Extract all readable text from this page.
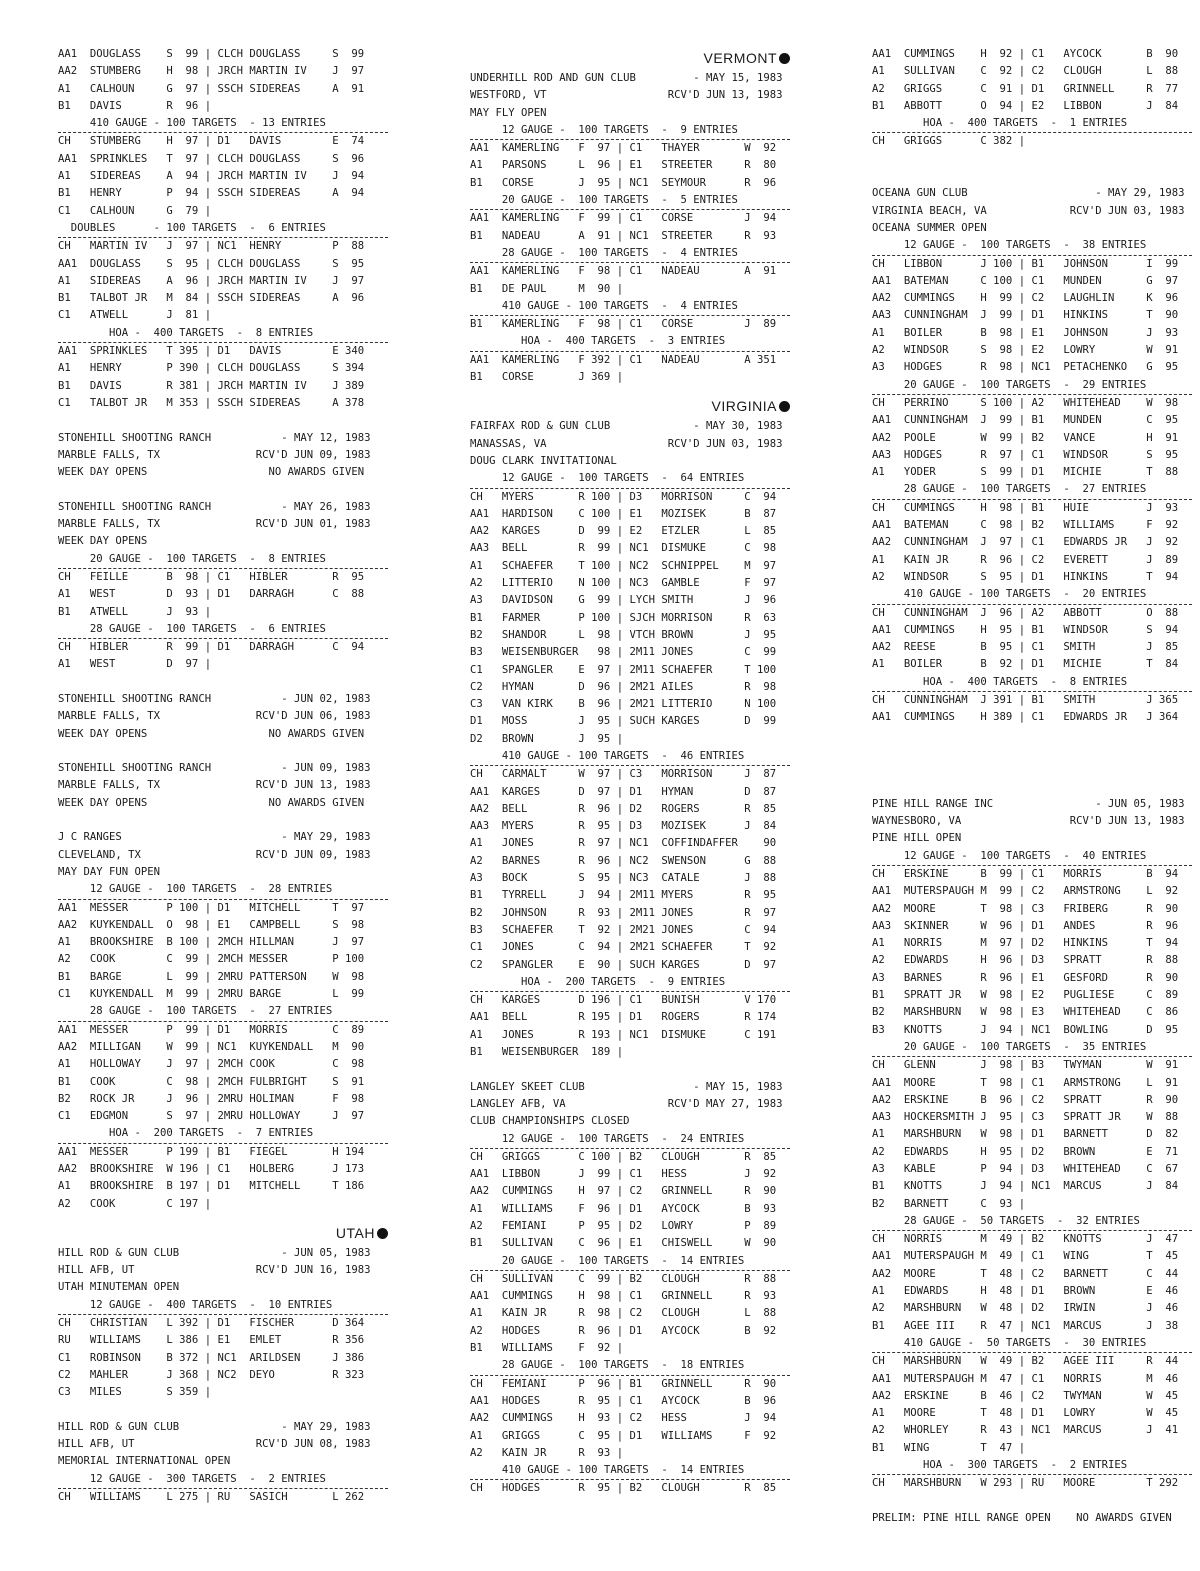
AA1  DOUGLASS    S  99 | CLCH DOUGLASS     S  99
AA2  STUMBERG    H  98 | JRCH MARTIN IV    J  97
A1   CALHOUN     G  97 | SSCH SIDEREAS     A  91
B1   DAVIS       R  96 |
410 GAUGE - 100 TARGETS  - 13 ENTRIES
CH   STUMBERG    H  97 | D1   DAVIS        E  74
AA1  SPRINKLES   T  97 | CLCH DOUGLASS     S  96
A1   SIDEREAS    A  94 | JRCH MARTIN IV    J  94
B1   HENRY       P  94 | SSCH SIDEREAS     A  94
C1   CALHOUN     G  79 |
DOUBLES      - 100 TARGETS  -  6 ENTRIES
CH   MARTIN IV   J  97 | NC1  HENRY        P  88
AA1  DOUGLASS    S  95 | CLCH DOUGLASS     S  95
A1   SIDEREAS    A  96 | JRCH MARTIN IV    J  97
B1   TALBOT JR   M  84 | SSCH SIDEREAS     A  96
C1   ATWELL      J  81 |
HOA -  400 TARGETS  -  8 ENTRIES
AA1  SPRINKLES   T 395 | D1   DAVIS        E 340
A1   HENRY       P 390 | CLCH DOUGLASS     S 394
B1   DAVIS       R 381 | JRCH MARTIN IV    J 389
C1   TALBOT JR   M 353 | SSCH SIDEREAS     A 378
STONEHILL SHOOTING RANCH           - MAY 12, 1983
MARBLE FALLS, TX               RCV'D JUN 09, 1983
WEEK DAY OPENS                   NO AWARDS GIVEN
STONEHILL SHOOTING RANCH           - MAY 26, 1983
MARBLE FALLS, TX               RCV'D JUN 01, 1983
WEEK DAY OPENS
20 GAUGE -  100 TARGETS  -  8 ENTRIES
CH   FEILLE      B  98 | C1   HIBLER       R  95
A1   WEST        D  93 | D1   DARRAGH      C  88
B1   ATWELL      J  93 |
28 GAUGE -  100 TARGETS  -  6 ENTRIES
CH   HIBLER      R  99 | D1   DARRAGH      C  94
A1   WEST        D  97 |
STONEHILL SHOOTING RANCH           - JUN 02, 1983
MARBLE FALLS, TX               RCV'D JUN 06, 1983
WEEK DAY OPENS                   NO AWARDS GIVEN
STONEHILL SHOOTING RANCH           - JUN 09, 1983
MARBLE FALLS, TX               RCV'D JUN 13, 1983
WEEK DAY OPENS                   NO AWARDS GIVEN
J C RANGES                         - MAY 29, 1983
CLEVELAND, TX                  RCV'D JUN 09, 1983
MAY DAY FUN OPEN
12 GAUGE -  100 TARGETS  -  28 ENTRIES
AA1  MESSER      P 100 | D1   MITCHELL     T  97
AA2  KUYKENDALL  O  98 | E1   CAMPBELL     S  98
A1   BROOKSHIRE  B 100 | 2MCH HILLMAN      J  97
A2   COOK        C  99 | 2MCH MESSER       P 100
B1   BARGE       L  99 | 2MRU PATTERSON    W  98
C1   KUYKENDALL  M  99 | 2MRU BARGE        L  99
28 GAUGE -  100 TARGETS  -  27 ENTRIES
AA1  MESSER      P  99 | D1   MORRIS       C  89
AA2  MILLIGAN    W  99 | NC1  KUYKENDALL   M  90
A1   HOLLOWAY    J  97 | 2MCH COOK         C  98
B1   COOK        C  98 | 2MCH FULBRIGHT    S  91
B2   ROCK JR     J  96 | 2MRU HOLIMAN      F  98
C1   EDGMON      S  97 | 2MRU HOLLOWAY     J  97
HOA -  200 TARGETS  -  7 ENTRIES
AA1  MESSER      P 199 | B1   FIEGEL       H 194
AA2  BROOKSHIRE  W 196 | C1   HOLBERG      J 173
A1   BROOKSHIRE  B 197 | D1   MITCHELL     T 186
A2   COOK        C 197 |
UTAH
HILL ROD & GUN CLUB                - JUN 05, 1983
HILL AFB, UT                   RCV'D JUN 16, 1983
UTAH MINUTEMAN OPEN
12 GAUGE -  400 TARGETS  -  10 ENTRIES
CH   CHRISTIAN   L 392 | D1   FISCHER      D 364
RU   WILLIAMS    L 386 | E1   EMLET        R 356
C1   ROBINSON    B 372 | NC1  ARILDSEN     J 386
C2   MAHLER      J 368 | NC2  DEYO         R 323
C3   MILES       S 359 |
HILL ROD & GUN CLUB                - MAY 29, 1983
HILL AFB, UT                   RCV'D JUN 08, 1983
MEMORIAL INTERNATIONAL OPEN
12 GAUGE -  300 TARGETS  -  2 ENTRIES
CH   WILLIAMS    L 275 | RU   SASICH       L 262
VERMONT
UNDERHILL ROD AND GUN CLUB         - MAY 15, 1983
WESTFORD, VT                   RCV'D JUN 13, 1983
MAY FLY OPEN
12 GAUGE -  100 TARGETS  -  9 ENTRIES
AA1  KAMERLING   F  97 | C1   THAYER       W  92
A1   PARSONS     L  96 | E1   STREETER     R  80
B1   CORSE       J  95 | NC1  SEYMOUR      R  96
20 GAUGE -  100 TARGETS  -  5 ENTRIES
AA1  KAMERLING   F  99 | C1   CORSE        J  94
B1   NADEAU      A  91 | NC1  STREETER     R  93
28 GAUGE -  100 TARGETS  -  4 ENTRIES
AA1  KAMERLING   F  98 | C1   NADEAU       A  91
B1   DE PAUL     M  90 |
410 GAUGE - 100 TARGETS  -  4 ENTRIES
B1   KAMERLING   F  98 | C1   CORSE        J  89
HOA -  400 TARGETS  -  3 ENTRIES
AA1  KAMERLING   F 392 | C1   NADEAU       A 351
B1   CORSE       J 369 |
VIRGINIA
FAIRFAX ROD & GUN CLUB             - MAY 30, 1983
MANASSAS, VA                   RCV'D JUN 03, 1983
DOUG CLARK INVITATIONAL
12 GAUGE -  100 TARGETS  -  64 ENTRIES
CH   MYERS       R 100 | D3   MORRISON     C  94
AA1  HARDISON    C 100 | E1   MOZISEK      B  87
AA2  KARGES      D  99 | E2   ETZLER       L  85
AA3  BELL        R  99 | NC1  DISMUKE      C  98
A1   SCHAEFER    T 100 | NC2  SCHNIPPEL    M  97
A2   LITTERIO    N 100 | NC3  GAMBLE       F  97
A3   DAVIDSON    G  99 | LYCH SMITH        J  96
B1   FARMER      P 100 | SJCH MORRISON     R  63
B2   SHANDOR     L  98 | VTCH BROWN        J  95
B3   WEISENBURGER   98 | 2M11 JONES        C  99
C1   SPANGLER    E  97 | 2M11 SCHAEFER     T 100
C2   HYMAN       D  96 | 2M21 AILES        R  98
C3   VAN KIRK    B  96 | 2M21 LITTERIO     N 100
D1   MOSS        J  95 | SUCH KARGES       D  99
D2   BROWN       J  95 |
410 GAUGE - 100 TARGETS  -  46 ENTRIES
CH   CARMALT     W  97 | C3   MORRISON     J  87
AA1  KARGES      D  97 | D1   HYMAN        D  87
AA2  BELL        R  96 | D2   ROGERS       R  85
AA3  MYERS       R  95 | D3   MOZISEK      J  84
A1   JONES       R  97 | NC1  COFFINDAFFER    90
A2   BARNES      R  96 | NC2  SWENSON      G  88
A3   BOCK        S  95 | NC3  CATALE       J  88
B1   TYRRELL     J  94 | 2M11 MYERS        R  95
B2   JOHNSON     R  93 | 2M11 JONES        R  97
B3   SCHAEFER    T  92 | 2M21 JONES        C  94
C1   JONES       C  94 | 2M21 SCHAEFER     T  92
C2   SPANGLER    E  90 | SUCH KARGES       D  97
HOA -  200 TARGETS  -  9 ENTRIES
CH   KARGES      D 196 | C1   BUNISH       V 170
AA1  BELL        R 195 | D1   ROGERS       R 174
A1   JONES       R 193 | NC1  DISMUKE      C 191
B1   WEISENBURGER  189 |
LANGLEY SKEET CLUB                 - MAY 15, 1983
LANGLEY AFB, VA                RCV'D MAY 27, 1983
CLUB CHAMPIONSHIPS CLOSED
12 GAUGE -  100 TARGETS  -  24 ENTRIES
CH   GRIGGS      C 100 | B2   CLOUGH       R  85
AA1  LIBBON      J  99 | C1   HESS         J  92
AA2  CUMMINGS    H  97 | C2   GRINNELL     R  90
A1   WILLIAMS    F  96 | D1   AYCOCK       B  93
A2   FEMIANI     P  95 | D2   LOWRY        P  89
B1   SULLIVAN    C  96 | E1   CHISWELL     W  90
20 GAUGE -  100 TARGETS  -  14 ENTRIES
CH   SULLIVAN    C  99 | B2   CLOUGH       R  88
AA1  CUMMINGS    H  98 | C1   GRINNELL     R  93
A1   KAIN JR     R  98 | C2   CLOUGH       L  88
A2   HODGES      R  96 | D1   AYCOCK       B  92
B1   WILLIAMS    F  92 |
28 GAUGE -  100 TARGETS  -  18 ENTRIES
CH   FEMIANI     P  96 | B1   GRINNELL     R  90
AA1  HODGES      R  95 | C1   AYCOCK       B  96
AA2  CUMMINGS    H  93 | C2   HESS         J  94
A1   GRIGGS      C  95 | D1   WILLIAMS     F  92
A2   KAIN JR     R  93 |
410 GAUGE - 100 TARGETS  -  14 ENTRIES
CH   HODGES      R  95 | B2   CLOUGH       R  85
AA1  CUMMINGS    H  92 | C1   AYCOCK       B  90
A1   SULLIVAN    C  92 | C2   CLOUGH       L  88
A2   GRIGGS      C  91 | D1   GRINNELL     R  77
B1   ABBOTT      O  94 | E2   LIBBON       J  84
HOA -  400 TARGETS  -  1 ENTRIES
CH   GRIGGS      C 382 |
OCEANA GUN CLUB                    - MAY 29, 1983
VIRGINIA BEACH, VA             RCV'D JUN 03, 1983
OCEANA SUMMER OPEN
12 GAUGE -  100 TARGETS  -  38 ENTRIES
CH   LIBBON      J 100 | B1   JOHNSON      I  99
AA1  BATEMAN     C 100 | C1   MUNDEN       G  97
AA2  CUMMINGS    H  99 | C2   LAUGHLIN     K  96
AA3  CUNNINGHAM  J  99 | D1   HINKINS      T  90
A1   BOILER      B  98 | E1   JOHNSON      J  93
A2   WINDSOR     S  98 | E2   LOWRY        W  91
A3   HODGES      R  98 | NC1  PETACHENKO   G  95
20 GAUGE -  100 TARGETS  -  29 ENTRIES
CH   PERRINO     S 100 | A2   WHITEHEAD    W  98
AA1  CUNNINGHAM  J  99 | B1   MUNDEN       C  95
AA2  POOLE       W  99 | B2   VANCE        H  91
AA3  HODGES      R  97 | C1   WINDSOR      S  95
A1   YODER       S  99 | D1   MICHIE       T  88
28 GAUGE -  100 TARGETS  -  27 ENTRIES
CH   CUMMINGS    H  98 | B1   HUIE         J  93
AA1  BATEMAN     C  98 | B2   WILLIAMS     F  92
AA2  CUNNINGHAM  J  97 | C1   EDWARDS JR   J  92
A1   KAIN JR     R  96 | C2   EVERETT      J  89
A2   WINDSOR     S  95 | D1   HINKINS      T  94
410 GAUGE - 100 TARGETS  -  20 ENTRIES
CH   CUNNINGHAM  J  96 | A2   ABBOTT       O  88
AA1  CUMMINGS    H  95 | B1   WINDSOR      S  94
AA2  REESE       B  95 | C1   SMITH        J  85
A1   BOILER      B  92 | D1   MICHIE       T  84
HOA -  400 TARGETS  -  8 ENTRIES
CH   CUNNINGHAM  J 391 | B1   SMITH        J 365
AA1  CUMMINGS    H 389 | C1   EDWARDS JR   J 364
PINE HILL RANGE INC                - JUN 05, 1983
WAYNESBORO, VA                 RCV'D JUN 13, 1983
PINE HILL OPEN
12 GAUGE -  100 TARGETS  -  40 ENTRIES
CH   ERSKINE     B  99 | C1   MORRIS       B  94
AA1  MUTERSPAUGH M  99 | C2   ARMSTRONG    L  92
AA2  MOORE       T  98 | C3   FRIBERG      R  90
AA3  SKINNER     W  96 | D1   ANDES        R  96
A1   NORRIS      M  97 | D2   HINKINS      T  94
A2   EDWARDS     H  96 | D3   SPRATT       R  88
A3   BARNES      R  96 | E1   GESFORD      R  90
B1   SPRATT JR   W  98 | E2   PUGLIESE     C  89
B2   MARSHBURN   W  98 | E3   WHITEHEAD    C  86
B3   KNOTTS      J  94 | NC1  BOWLING      D  95
20 GAUGE -  100 TARGETS  -  35 ENTRIES
CH   GLENN       J  98 | B3   TWYMAN       W  91
AA1  MOORE       T  98 | C1   ARMSTRONG    L  91
AA2  ERSKINE     B  96 | C2   SPRATT       R  90
AA3  HOCKERSMITH J  95 | C3   SPRATT JR    W  88
A1   MARSHBURN   W  98 | D1   BARNETT      D  82
A2   EDWARDS     H  95 | D2   BROWN        E  71
A3   KABLE       P  94 | D3   WHITEHEAD    C  67
B1   KNOTTS      J  94 | NC1  MARCUS       J  84
B2   BARNETT     C  93 |
28 GAUGE -  50 TARGETS  -  32 ENTRIES
CH   NORRIS      M  49 | B2   KNOTTS       J  47
AA1  MUTERSPAUGH M  49 | C1   WING         T  45
AA2  MOORE       T  48 | C2   BARNETT      C  44
A1   EDWARDS     H  48 | D1   BROWN        E  46
A2   MARSHBURN   W  48 | D2   IRWIN        J  46
B1   AGEE III    R  47 | NC1  MARCUS       J  38
410 GAUGE -  50 TARGETS  -  30 ENTRIES
CH   MARSHBURN   W  49 | B2   AGEE III     R  44
AA1  MUTERSPAUGH M  47 | C1   NORRIS       M  46
AA2  ERSKINE     B  46 | C2   TWYMAN       W  45
A1   MOORE       T  48 | D1   LOWRY        W  45
A2   WHORLEY     R  43 | NC1  MARCUS       J  41
B1   WING        T  47 |
HOA -  300 TARGETS  -  2 ENTRIES
CH   MARSHBURN   W 293 | RU   MOORE        T 292
PRELIM: PINE HILL RANGE OPEN    NO AWARDS GIVEN
